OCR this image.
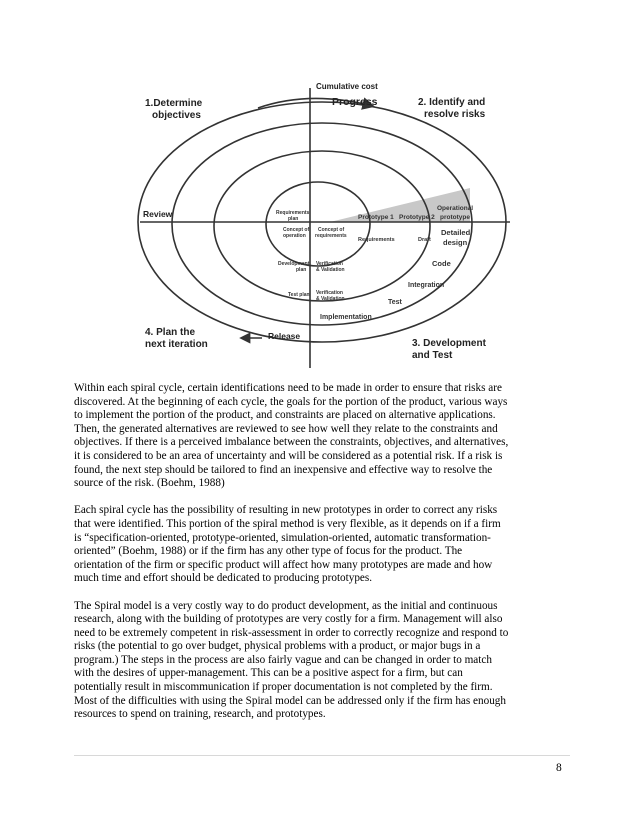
Cumulative cost
Progress
1.Determine
objectives
2. Identify and
resolve risks
3. Development
and Test
4. Plan the
next iteration
Review
Release
Prototype 1 Prototype 2
Operational
prototype
Requirements
plan
Concept of
operation
Concept of
requirements
Requirements	Draft
Detailed
design
Development
plan
Verification
& Validation
Code
Integration
Test plan Verification
& Validation	Test
Implementation

Within each spiral cycle, certain identifications need to be made in order to ensure that risks are
discovered. At the beginning of each cycle, the goals for the portion of the product, various ways
to implement the portion of the product, and constraints are placed on alternative applications.
Then, the generated alternatives are reviewed to see how well they relate to the constraints and
objectives. If there is a perceived imbalance between the constraints, objectives, and alternatives,
it is considered to be an area of uncertainty and will be considered as a potential risk. If a risk is
found, the next step should be tailored to find an inexpensive and effective way to resolve the
source of the risk. (Boehm, 1988)

Each spiral cycle has the possibility of resulting in new prototypes in order to correct any risks
that were identified. This portion of the spiral method is very flexible, as it depends on if a firm
is “specification-oriented, prototype-oriented, simulation-oriented, automatic transformation-
oriented” (Boehm, 1988) or if the firm has any other type of focus for the product. The
orientation of the firm or specific product will affect how many prototypes are made and how
much time and effort should be dedicated to producing prototypes.

The Spiral model is a very costly way to do product development, as the initial and continuous
research, along with the building of prototypes are very costly for a firm. Management will also
need to be extremely competent in risk-assessment in order to correctly recognize and respond to
risks (the potential to go over budget, physical problems with a product, or major bugs in a
program.) The steps in the process are also fairly vague and can be changed in order to match
with the desires of upper-management. This can be a positive aspect for a firm, but can
potentially result in miscommunication if proper documentation is not completed by the firm.
Most of the difficulties with using the Spiral model can be addressed only if the firm has enough
resources to spend on training, research, and prototypes.

8
